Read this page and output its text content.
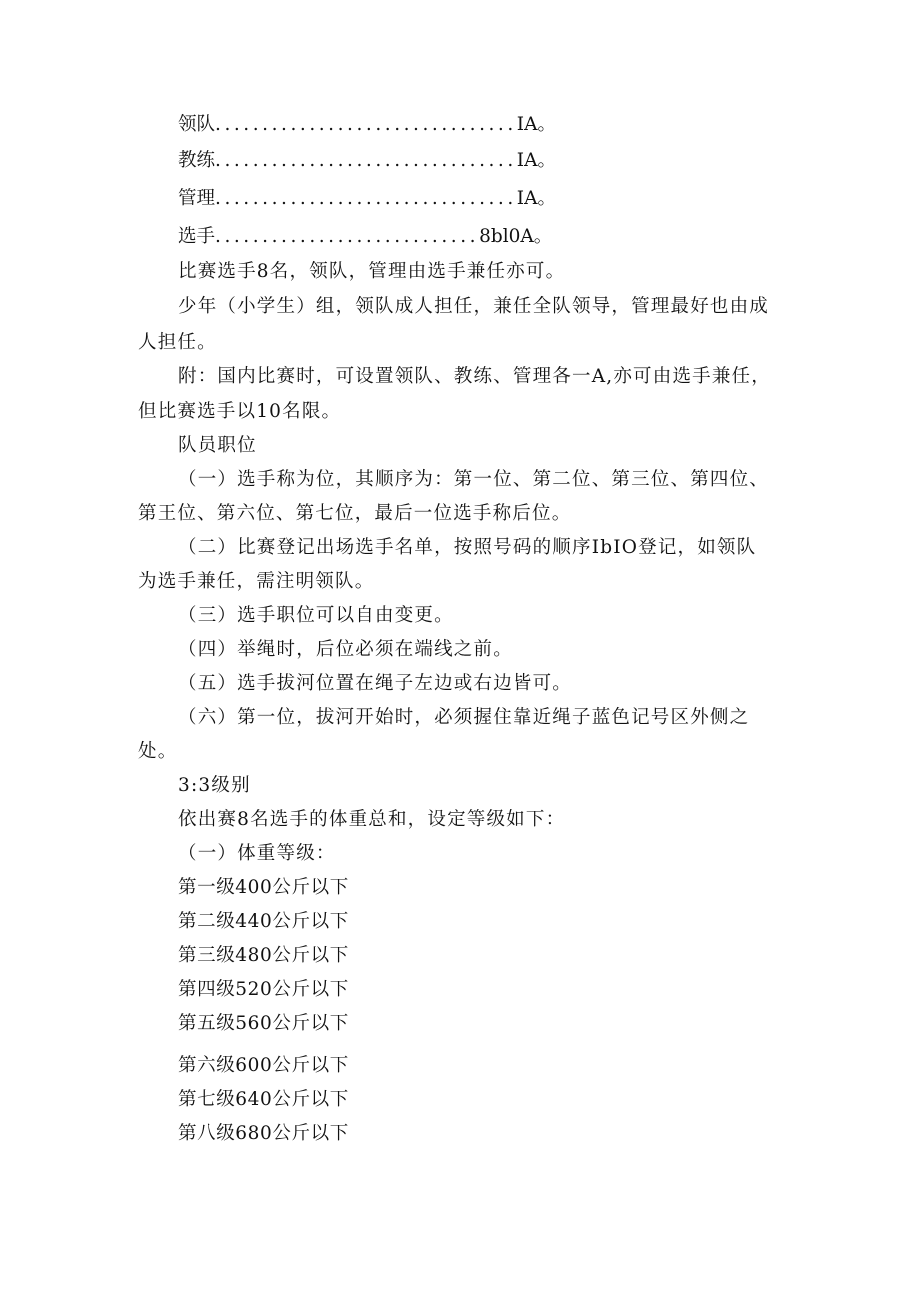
领队................................IA。

教练................................IA。

管理................................IA。

选手............................8bl0A。

比赛选手8名，领队，管理由选手兼任亦可。

少年（小学生）组，领队成人担任，兼任全队领导，管理最好也由成

人担任。

附：国内比赛时，可设置领队、教练、管理各一A,亦可由选手兼任，

但比赛选手以10名限。

队员职位

（一）选手称为位，其顺序为：第一位、第二位、第三位、第四位、

第王位、第六位、第七位，最后一位选手称后位。

（二）比赛登记出场选手名单，按照号码的顺序IbIO登记，如领队

为选手兼任，需注明领队。

（三）选手职位可以自由变更。

（四）举绳时，后位必须在端线之前。

（五）选手拔河位置在绳子左边或右边皆可。

（六）第一位，拔河开始时，必须握住靠近绳子蓝色记号区外侧之

处。

3:3级别

依出赛8名选手的体重总和，设定等级如下：

（一）体重等级：

第一级400公斤以下

第二级440公斤以下

第三级480公斤以下

第四级520公斤以下

第五级560公斤以下

第六级600公斤以下

第七级640公斤以下

第八级680公斤以下
